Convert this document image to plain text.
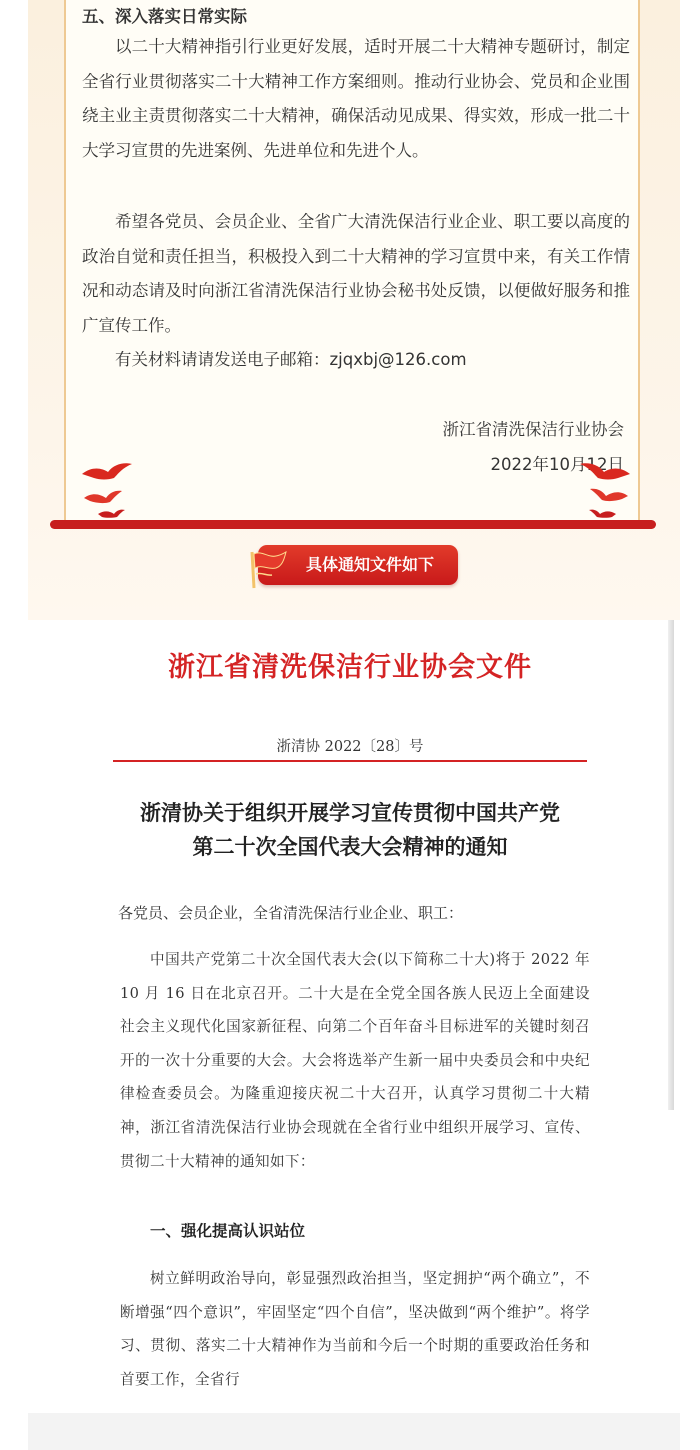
五、深入落实日常实际

以二十大精神指引行业更好发展，适时开展二十大精神专题研讨，制定全省行业贯彻落实二十大精神工作方案细则。推动行业协会、党员和企业围绕主业主责贯彻落实二十大精神，确保活动见成果、得实效，形成一批二十大学习宣贯的先进案例、先进单位和先进个人。

希望各党员、会员企业、全省广大清洗保洁行业企业、职工要以高度的政治自觉和责任担当，积极投入到二十大精神的学习宣贯中来，有关工作情况和动态请及时向浙江省清洗保洁行业协会秘书处反馈，以便做好服务和推广宣传工作。

有关材料请请发送电子邮箱：zjqxbj@126.com

浙江省清洗保洁行业协会

2022年10月12日

具体通知文件如下

浙江省清洗保洁行业协会文件

浙清协 2022〔28〕号

浙清协关于组织开展学习宣传贯彻中国共产党

第二十次全国代表大会精神的通知

各党员、会员企业，全省清洗保洁行业企业、职工：

中国共产党第二十次全国代表大会(以下简称二十大)将于 2022 年 10 月 16 日在北京召开。二十大是在全党全国各族人民迈上全面建设社会主义现代化国家新征程、向第二个百年奋斗目标进军的关键时刻召开的一次十分重要的大会。大会将选举产生新一届中央委员会和中央纪律检查委员会。为隆重迎接庆祝二十大召开，认真学习贯彻二十大精神，浙江省清洗保洁行业协会现就在全省行业中组织开展学习、宣传、贯彻二十大精神的通知如下：

一、强化提高认识站位

树立鲜明政治导向，彰显强烈政治担当，坚定拥护“两个确立”，不断增强“四个意识”，牢固坚定“四个自信”，坚决做到“两个维护”。将学习、贯彻、落实二十大精神作为当前和今后一个时期的重要政治任务和首要工作，全省行
